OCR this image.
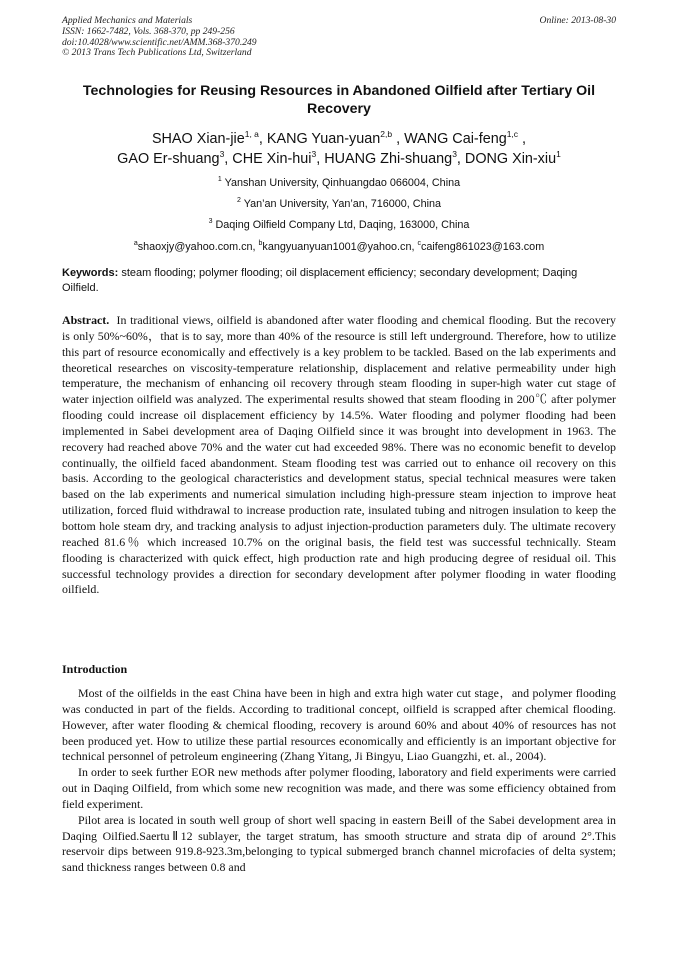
Applied Mechanics and Materials
ISSN: 1662-7482, Vols. 368-370, pp 249-256
doi:10.4028/www.scientific.net/AMM.368-370.249
© 2013 Trans Tech Publications Ltd, Switzerland
Online: 2013-08-30
Technologies for Reusing Resources in Abandoned Oilfield after Tertiary Oil Recovery
SHAO Xian-jie$^{1, a}$, KANG Yuan-yuan$^{2,b}$ , WANG Cai-feng$^{1,c}$ ,
GAO Er-shuang$^3$, CHE Xin-hui$^3$, HUANG Zhi-shuang$^3$, DONG Xin-xiu$^1$
$^1$ Yanshan University, Qinhuangdao 066004, China
$^2$ Yan’an University, Yan’an, 716000, China
$^3$ Daqing Oilfield Company Ltd, Daqing, 163000, China
$^a$shaoxjy@yahoo.com.cn, $^b$kangyuanyuan1001@yahoo.cn, $^c$caifeng861023@163.com
Keywords: steam flooding; polymer flooding; oil displacement efficiency; secondary development; Daqing Oilfield.

Abstract. In traditional views, oilfield is abandoned after water flooding and chemical flooding. But the recovery is only 50%~60%，that is to say, more than 40% of the resource is still left underground. Therefore, how to utilize this part of resource economically and effectively is a key problem to be tackled. Based on the lab experiments and theoretical researches on viscosity-temperature relationship, displacement and relative permeability under high temperature, the mechanism of enhancing oil recovery through steam flooding in super-high water cut stage of water injection oilfield was analyzed. The experimental results showed that steam flooding in 200℃ after polymer flooding could increase oil displacement efficiency by 14.5%. Water flooding and polymer flooding had been implemented in Sabei development area of Daqing Oilfield since it was brought into development in 1963. The recovery had reached above 70% and the water cut had exceeded 98%. There was no economic benefit to develop continually, the oilfield faced abandonment. Steam flooding test was carried out to enhance oil recovery on this basis. According to the geological characteristics and development status, special technical measures were taken based on the lab experiments and numerical simulation including high-pressure steam injection to improve heat utilization, forced fluid withdrawal to increase production rate, insulated tubing and nitrogen insulation to keep the bottom hole steam dry, and tracking analysis to adjust injection-production parameters duly. The ultimate recovery reached 81.6％ which increased 10.7% on the original basis, the field test was successful technically. Steam flooding is characterized with quick effect, high production rate and high producing degree of residual oil. This successful technology provides a direction for secondary development after polymer flooding in water flooding oilfield.

Introduction

Most of the oilfields in the east China have been in high and extra high water cut stage，and polymer flooding was conducted in part of the fields. According to traditional concept, oilfield is scrapped after chemical flooding. However, after water flooding & chemical flooding, recovery is around 60% and about 40% of resources has not been produced yet. How to utilize these partial resources economically and efficiently is an important objective for technical personnel of petroleum engineering (Zhang Yitang, Ji Bingyu, Liao Guangzhi, et. al., 2004).

In order to seek further EOR new methods after polymer flooding, laboratory and field experiments were carried out in Daqing Oilfield, from which some new recognition was made, and there was some efficiency obtained from field experiment.

Pilot area is located in south well group of short well spacing in eastern BeiⅡ of the Sabei development area in Daqing Oilfied.SaertuⅡ12 sublayer, the target stratum, has smooth structure and strata dip of around 2°.This reservoir dips between 919.8-923.3m,belonging to typical submerged branch channel microfacies of delta system; sand thickness ranges between 0.8 and
